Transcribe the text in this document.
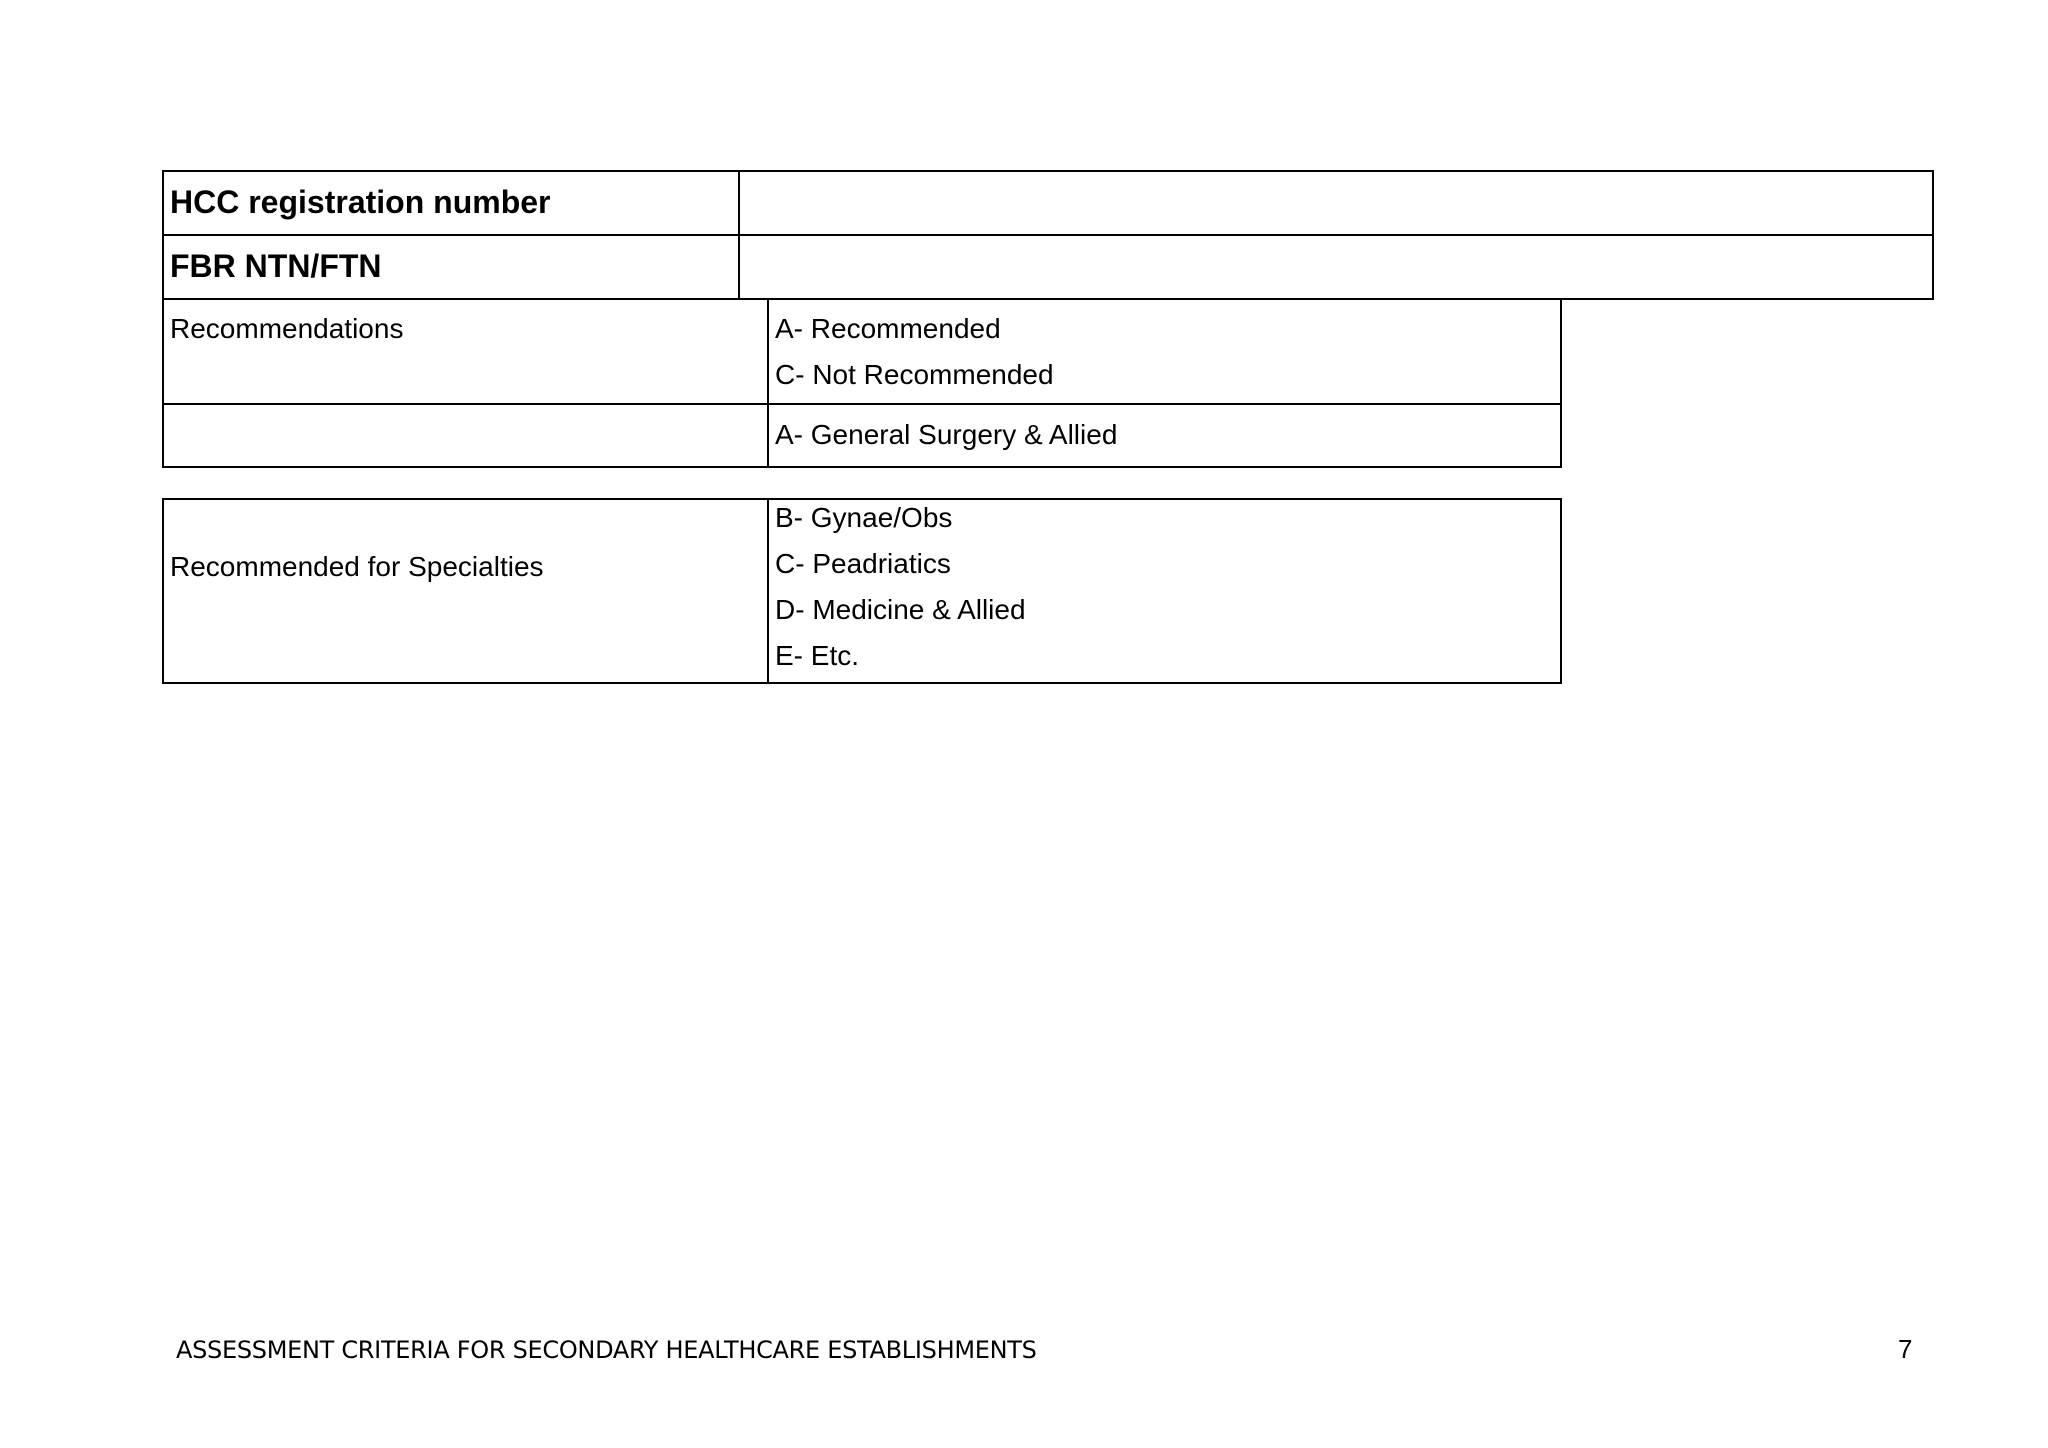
HCC registration number
FBR NTN/FTN
Recommendations	A- Recommended
C- Not Recommended
A- General Surgery & Allied
Recommended for Specialties
B- Gynae/Obs
C- Peadriatics
D- Medicine & Allied
E- Etc.
ASSESSMENT CRITERIA FOR SECONDARY HEALTHCARE ESTABLISHMENTS	7
